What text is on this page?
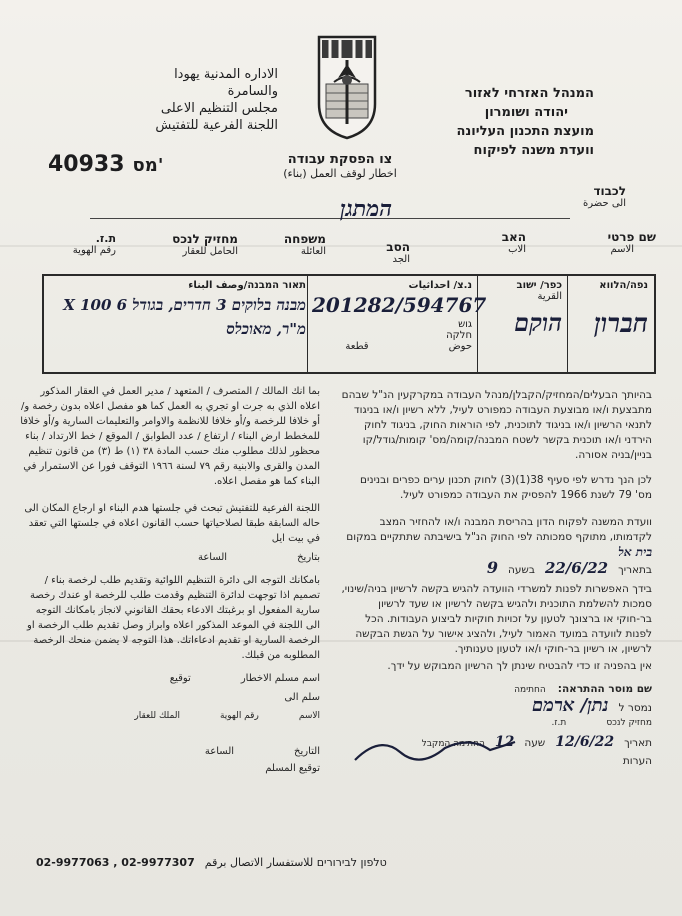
המנהל האזרחי לאזור
יהודה ושומרון
מועצת התכנון העליונה
וועדת משנה לפיקוח
الاداره المدنية يهودا
والسامرة
مجلس التنظيم الاعلى
اللجنة الفرعية للتفتيش
40933 מס'	צו הפסקת עבודה
اخطار لوقف العمل (بناء)
לכבוד
الى حضرة
המתגן
שם פרטי
الاسم
האב
الاب
הסב
الجد
משפחה
العائلة
מחזיק לנכס
الحامل للعقار
ת.ז.
رقم الهوية
נפה/הלווא
חברון
כפר/ ישוב
القرية
הוקם
נ.צ/ احداثيات
201282/594767
גוש
חלקה
حوض
قطعة
תאור המבנה/وصف البناء
מבנה בלוקים 3 חדרים, בגודל 6 X 100 מ"ר, מאוכלס
בהיותך הבעלים/המחזיק/הקבלן/מנהל העבודה במקרקעין הנ"ל שבהם מתבצעת ו/או מבוצעת העבודה כמפורט לעיל, ללא רשיון ו/או בניגוד לתנאי הרשיון ו/או בניגוד לתוכנית, לפי הוראות החוק, בניגוד לחוק הירדני ו/או תוכנית בקשר לשטח המבנה/קומה/מס' קומות/גודל/קו בניין/בניה אסורה.
לכן הנך נדרש לפי סעיף 38(1)(3) לחוק תכנון ערים כפרים ובנינים מס' 79 לשנת 1966 להפסיק את העבודה כמפורט לעיל.
וועדת המשנה לפקוח הדון בהריסת המבנה ו/או להחזיר המצב לקדמותו, מתוקף סמכותה לפי החוק הנ"ל בישיבתה שתתקיים במקום
בית אל
בתאריך
22/6/22
בשעה
9
בידך האפשרות לפנות למשרדי הוועדה להגיש בקשה לרשיון בניה/שינוי, סמכות להשלמת התוכנית ולהגיש בקשה לרשיון או שעד לרשיון בר-חוקי או ברצונך לטעון על זכויות חוקיות לביצוע העבודות. הכל לפנות לוועדה במועד האמור לעיל, ולהציג אישור על הגשת הבקשה לרשיון, או רשיון בר-חוקי ו/או לטעון טענותיך.
אין בהפניה זו כדי להבטיח שינתן לך הרשיון המבוקש על ידך.
שם מוסר ההתראה:
החתימה
נמסר ל
נתן/ ארמם
מחזיק לנכס
ת.ז.
תאריך
12/6/22
שעה
12
החתימה המקבל
הערות
بما انك المالك / المتصرف / المتعهد / مدير العمل في العقار المذكور اعلاه الذي به جرت او تجري به العمل كما هو مفصل اعلاه بدون رخصة و/أو خلافا للرخصة و/أو خلافا للانظمة والاوامر والتعليمات السارية و/أو خلافا للمخطط ارض البناء / ارتفاع / عدد الطوابق / الموقع / خط الارتداد / بناء محظور لذلك مطلوب منك حسب المادة ٣٨ (١) ط (٣) من قانون تنظيم المدن والقرى والابنية رقم ٧٩ لسنة ١٩٦٦ التوقف فورا عن الاستمرار في البناء كما هو مفصل اعلاه.
اللجنة الفرعية للتفتيش تبحث في جلستها هدم البناء او ارجاع المكان الى حاله السابقة طبقا لصلاحياتها حسب القانون اعلاه في جلستها التي تعقد في بيت ايل
بتاريخ
الساعة
بامكانك التوجه الى دائرة التنظيم اللوائية وتقديم طلب لرخصة بناء / تصميم اذا توجهت لدائرة التنظيم وقدمت طلب للرخصة او عندك رخصة سارية المفعول او برغبتك الادعاء بحقك القانوني لانجاز بامكانك التوجه الى اللجنة في الموعد المذكور اعلاه وابراز وصل تقديم طلب الرخصة او الرخصة السارية او تقديم ادعاءاتك. هذا التوجه لا يضمن منحك الرخصة المطلوبه من قبلك.
اسم مسلم الاخطار
توقيع
سلم الى
الاسم
رقم الهوية
الملك للعقار
التاريخ
الساعة
توقيع المسلم
02-9977063 , 02-9977307 טלפון לבירורים للاستفسار الاتصال برقم
